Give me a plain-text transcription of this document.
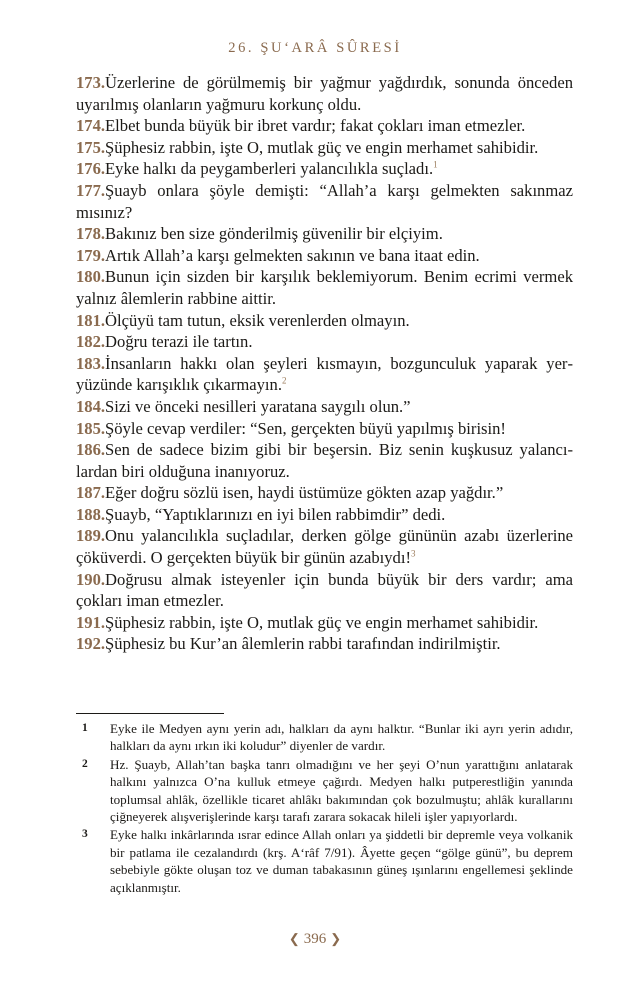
26. ŞU‘ARÂ SÛRESİ
173.Üzerlerine de görülmemiş bir yağmur yağdırdık, sonunda önceden uyarılmış olanların yağmuru korkunç oldu.
174.Elbet bunda büyük bir ibret vardır; fakat çokları iman etmezler.
175.Şüphesiz rabbin, işte O, mutlak güç ve engin merhamet sahibidir.
176.Eyke halkı da peygamberleri yalancılıkla suçladı.$^1$
177.Şuayb onlara şöyle demişti: “Allah’a karşı gelmekten sakınmaz mısınız?
178.Bakınız ben size gönderilmiş güvenilir bir elçiyim.
179.Artık Allah’a karşı gelmekten sakının ve bana itaat edin.
180.Bunun için sizden bir karşılık beklemiyorum. Benim ecrimi vermek yalnız âlemlerin rabbine aittir.
181.Ölçüyü tam tutun, eksik verenlerden olmayın.
182.Doğru terazi ile tartın.
183.İnsanların hakkı olan şeyleri kısmayın, bozgunculuk yaparak yeryüzünde karışıklık çıkarmayın.$^2$
184.Sizi ve önceki nesilleri yaratana saygılı olun.”
185.Şöyle cevap verdiler: “Sen, gerçekten büyü yapılmış birisin!
186.Sen de sadece bizim gibi bir beşersin. Biz senin kuşkusuz yalancılardan biri olduğuna inanıyoruz.
187.Eğer doğru sözlü isen, haydi üstümüze gökten azap yağdır.”
188.Şuayb, “Yaptıklarınızı en iyi bilen rabbimdir” dedi.
189.Onu yalancılıkla suçladılar, derken gölge gününün azabı üzerlerine çöküverdi. O gerçekten büyük bir günün azabıydı!$^3$
190.Doğrusu almak isteyenler için bunda büyük bir ders vardır; ama çokları iman etmezler.
191.Şüphesiz rabbin, işte O, mutlak güç ve engin merhamet sahibidir.
192.Şüphesiz bu Kur’an âlemlerin rabbi tarafından indirilmiştir.
1	Eyke ile Medyen aynı yerin adı, halkları da aynı halktır. “Bunlar iki ayrı yerin adıdır, halkları da aynı ırkın iki koludur” diyenler de vardır.
2	Hz. Şuayb, Allah’tan başka tanrı olmadığını ve her şeyi O’nun yarattığını anlatarak halkını yalnızca O’na kulluk etmeye çağırdı. Medyen halkı putperestliğin yanında toplumsal ahlâk, özellikle ticaret ahlâkı bakımından çok bozulmuştu; ahlâk kurallarını çiğneyerek alışverişlerinde karşı tarafı zarara sokacak hileli işler yapıyorlardı.
3	Eyke halkı inkârlarında ısrar edince Allah onları ya şiddetli bir depremle veya volkanik bir patlama ile cezalandırdı (krş. A‘râf 7/91). Âyette geçen “gölge günü”, bu deprem sebebiyle gökte oluşan toz ve duman tabakasının güneş ışınlarını engellemesi şeklinde açıklanmıştır.
❮ 396 ❯
